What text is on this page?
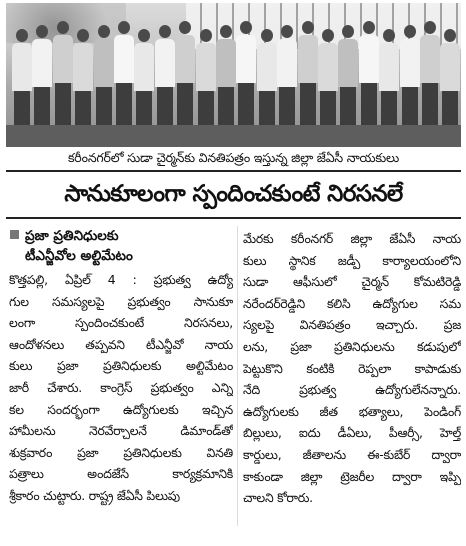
కరీంనగర్‌లో సుడా చైర్మన్‌కు వినతిపత్రం ఇస్తున్న జిల్లా జేఏసీ నాయకులు
సానుకూలంగా స్పందించకుంటే నిరసనలే
ప్రజా ప్రతినిధులకు
టీఎన్జీవోల అల్టిమేటం
కొత్తపల్లి, ఏప్రిల్ 4 : ప్రభుత్వ ఉద్యో
గుల సమస్యలపై ప్రభుత్వం సానుకూ
లంగా స్పందించకుంటే నిరసనలు,
ఆందోళనలు తప్పవని టీఎన్జీవో నాయ
కులు ప్రజా ప్రతినిధులకు అల్టిమేటం
జారీ చేశారు. కాంగ్రెస్ ప్రభుత్వం ఎన్ని
కల సందర్భంగా ఉద్యోగులకు ఇచ్చిన
హామీలను నెరవేర్చాలనే డిమాండ్‌తో
శుక్రవారం ప్రజా ప్రతినిధులకు వినతి
పత్రాలు అందజేసే కార్యక్రమానికి
శ్రీకారం చుట్టారు. రాష్ట్ర జేఏసీ పిలుపు
మేరకు కరీంనగర్ జిల్లా జేఏసీ నాయ
కులు స్థానిక జడ్పీ కార్యాలయంలోని
సుడా ఆఫీసులో చైర్మన్ కోమటిరెడ్డి
నరేందర్‌రెడ్డిని కలిసి ఉద్యోగుల సమ
స్యలపై వినతిపత్రం ఇచ్చారు. ప్రజ
లను, ప్రజా ప్రతినిధులను కడుపులో
పెట్టుకొని కంటికి రెప్పలా కాపాడుకు
నేది ప్రభుత్వ ఉద్యోగులేనన్నారు.
ఉద్యోగులకు జీత భత్యాలు, పెండింగ్
బిల్లులు, ఐదు డీఏలు, పీఆర్సీ, హెల్త్
కార్డులు, జీతాలను ఈ-కుబేర్ ద్వారా
కాకుండా జిల్లా ట్రెజరీల ద్వారా ఇప్పి
చాలని కోరారు.
